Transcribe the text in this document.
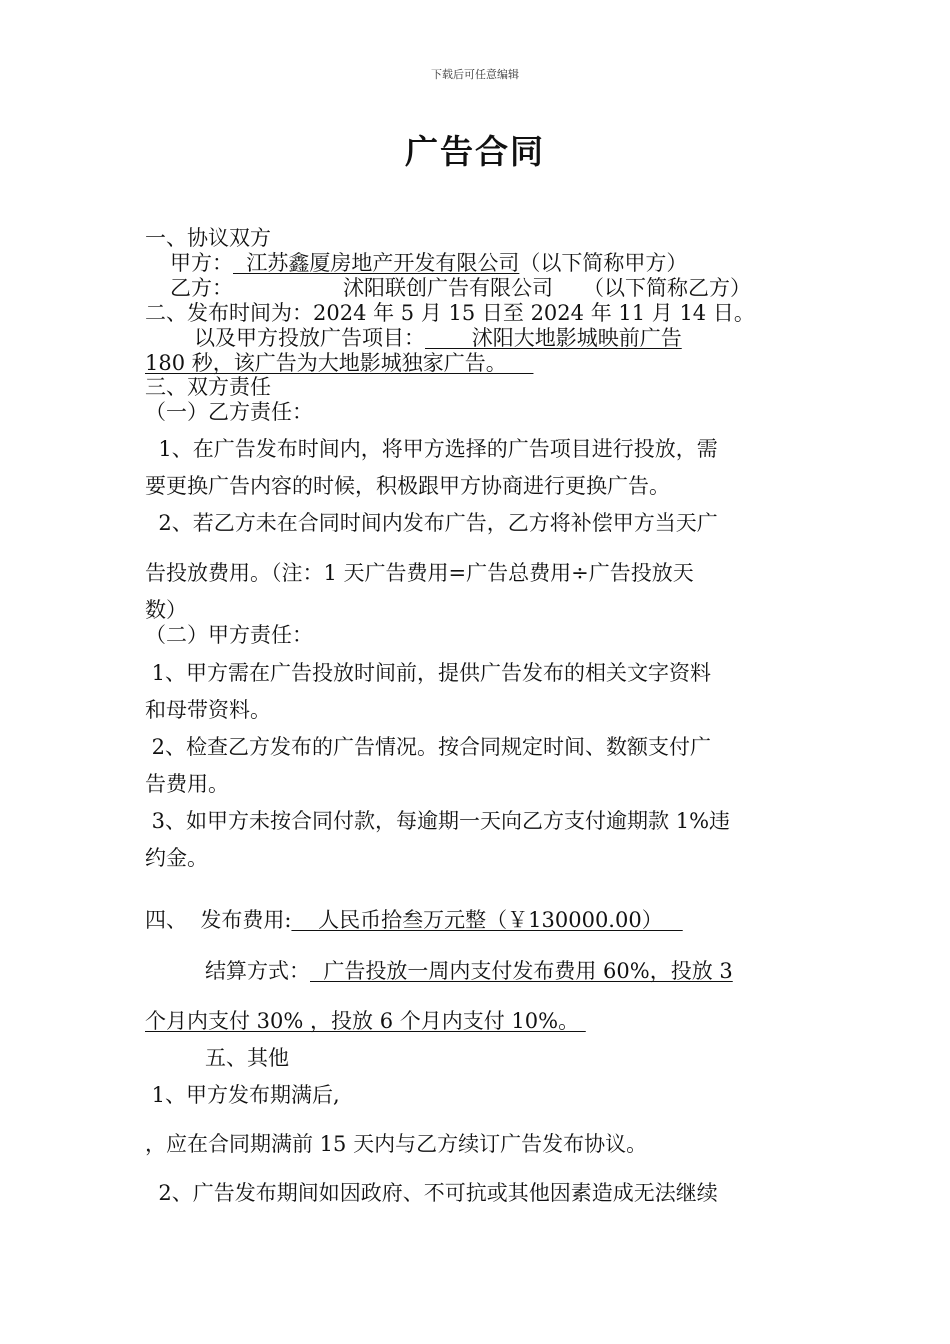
下载后可任意编辑
广告合同
一、协议双方
甲方：  江苏鑫厦房地产开发有限公司（以下简称甲方）
乙方：	沭阳联创广告有限公司 （以下简称乙方）
二、发布时间为：2024 年 5 月 15 日至 2024 年 11 月 14 日。
以及甲方投放广告项目：       沭阳大地影城映前广告
180 秒，该广告为大地影城独家广告。
三、双方责任
（一）乙方责任：
1、在广告发布时间内，将甲方选择的广告项目进行投放，需
要更换广告内容的时候，积极跟甲方协商进行更换广告。
2、若乙方未在合同时间内发布广告，乙方将补偿甲方当天广
告投放费用。（注：1 天广告费用=广告总费用÷广告投放天
数）
（二）甲方责任：
1、甲方需在广告投放时间前，提供广告发布的相关文字资料
和母带资料。
2、检查乙方发布的广告情况。按合同规定时间、数额支付广
告费用。
3、如甲方未按合同付款，每逾期一天向乙方支付逾期款 1%违
约金。
四、  发布费用:    人民币拾叁万元整（￥130000.00）
结算方式：  广告投放一周内支付发布费用 60%，投放 3
个月内支付 30% ，投放 6 个月内支付 10%。
五、其他
1、甲方发布期满后,
，应在合同期满前 15 天内与乙方续订广告发布协议。
2、广告发布期间如因政府、不可抗或其他因素造成无法继续
